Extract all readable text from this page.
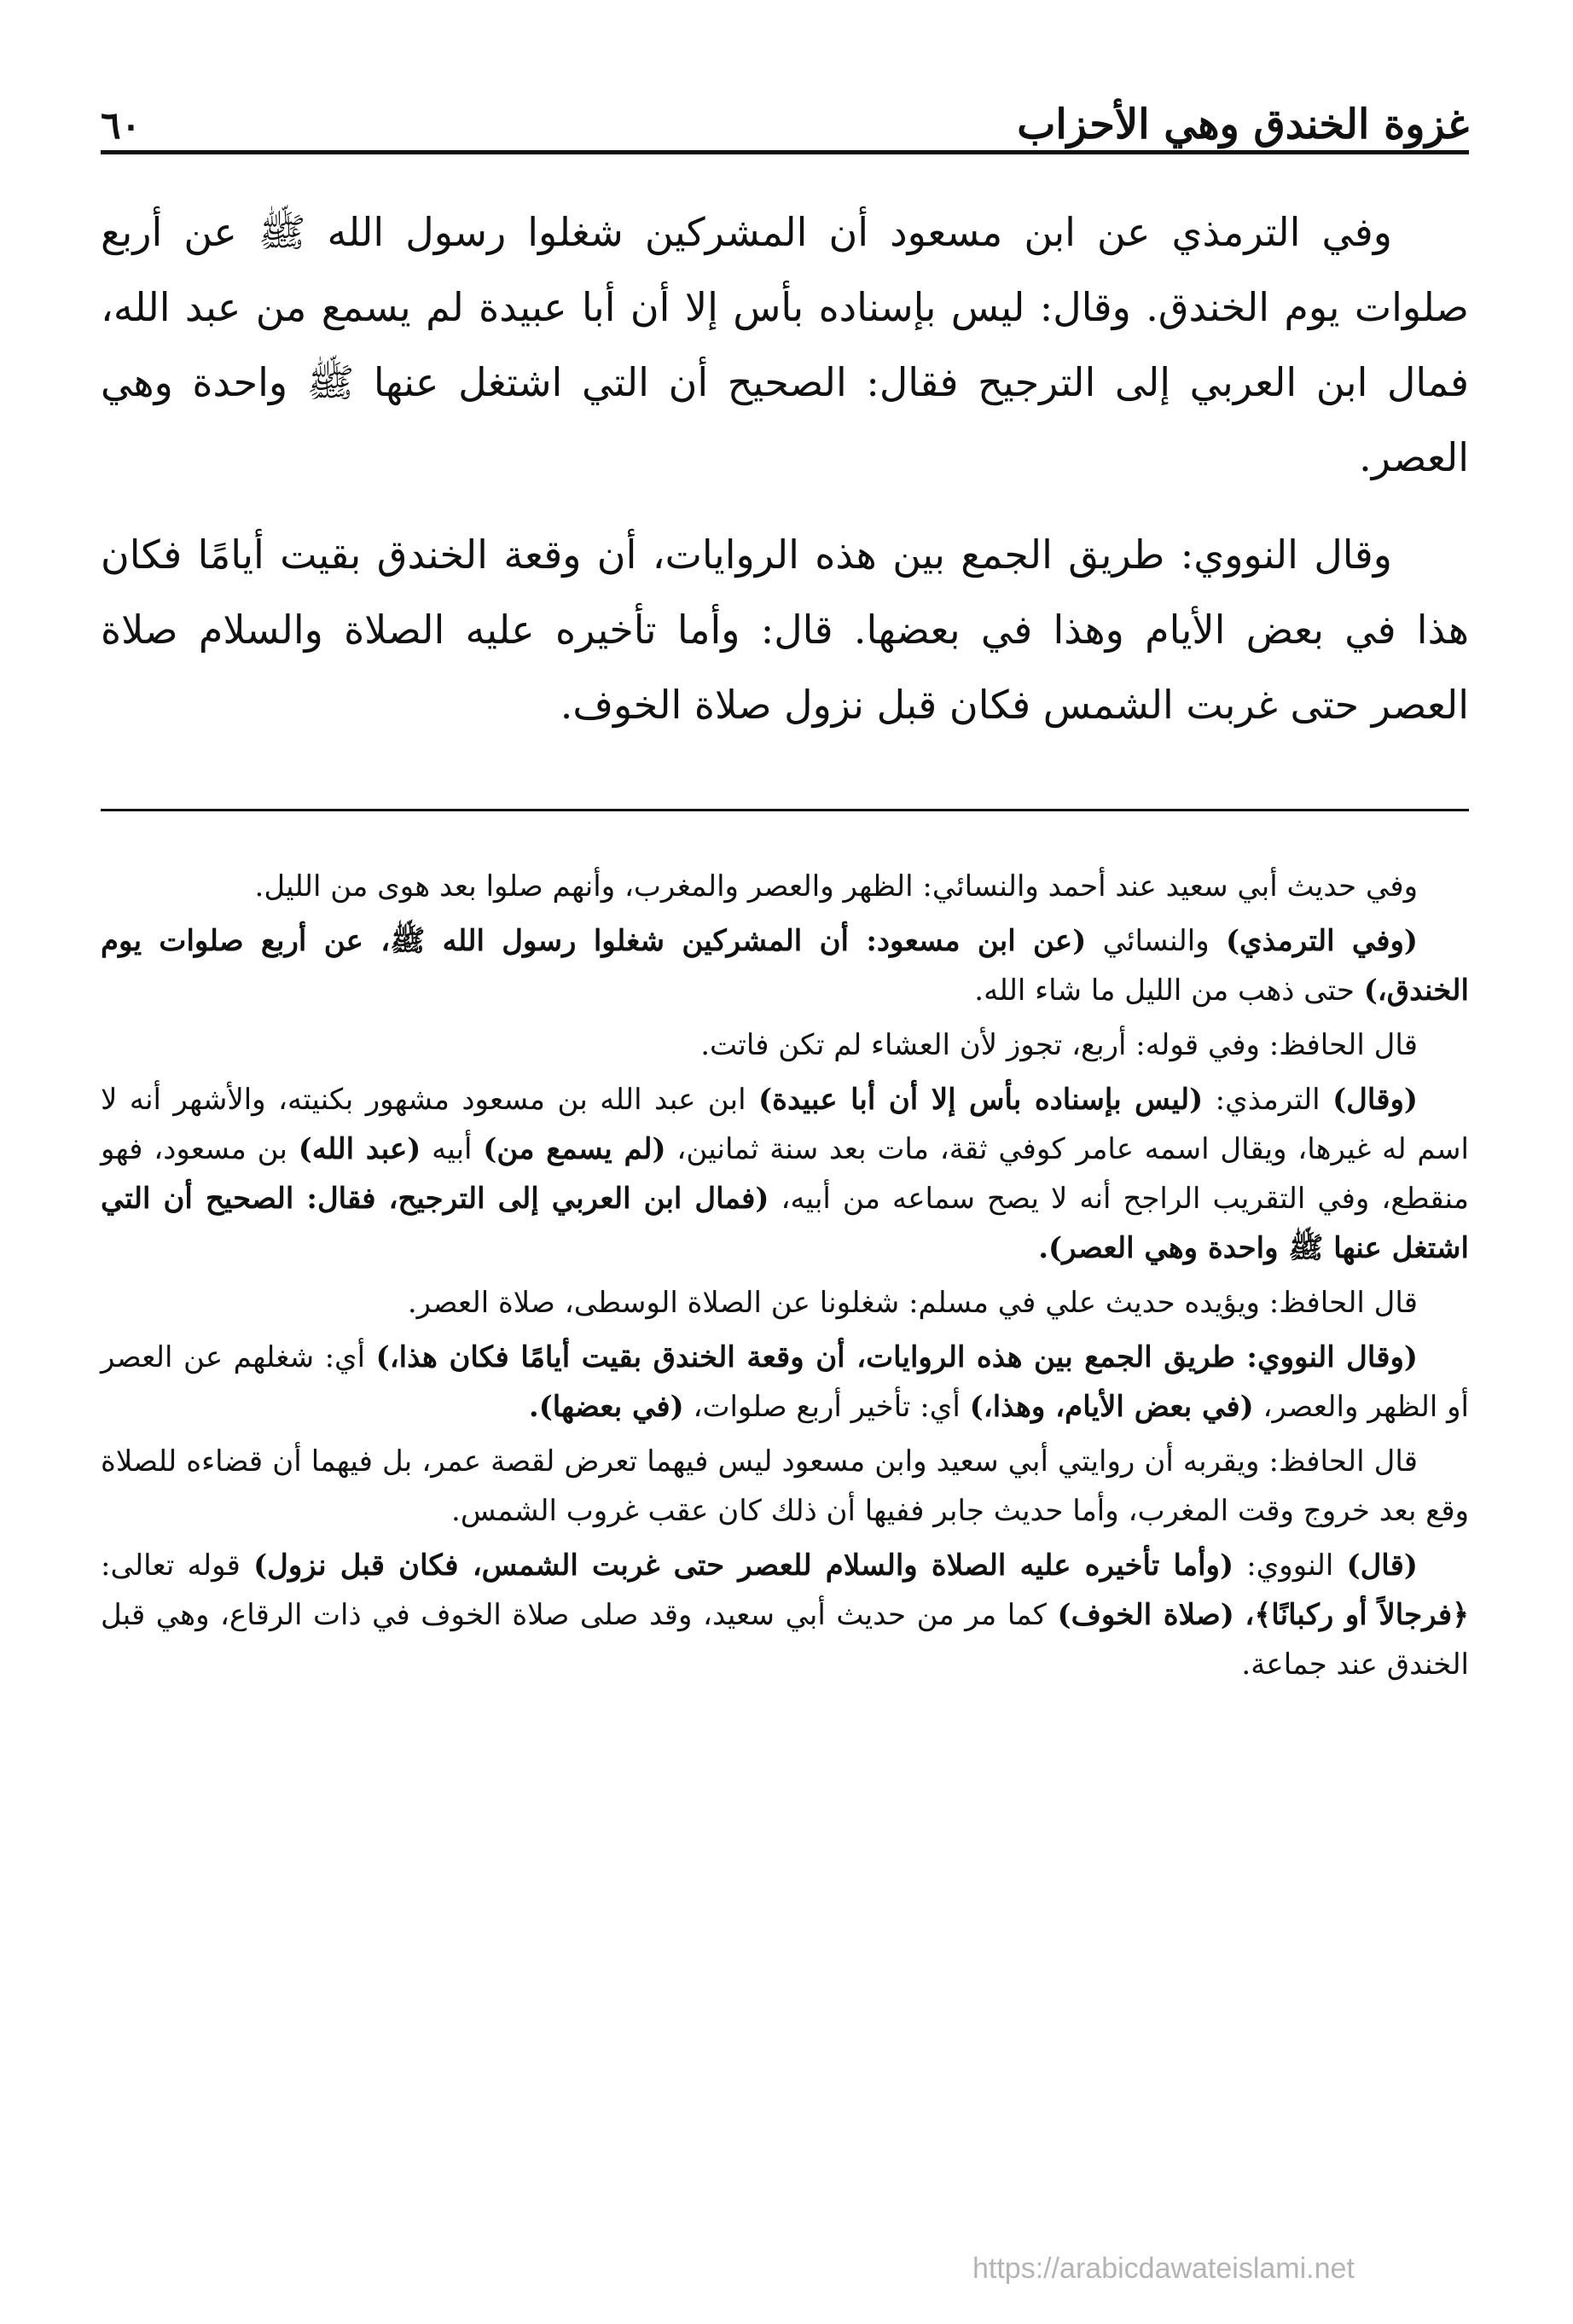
غزوة الخندق وهي الأحزاب
٦٠

وفي الترمذي عن ابن مسعود أن المشركين شغلوا رسول الله ﷺ عن أربع صلوات يوم الخندق. وقال: ليس بإسناده بأس إلا أن أبا عبيدة لم يسمع من عبد الله، فمال ابن العربي إلى الترجيح فقال: الصحيح أن التي اشتغل عنها ﷺ واحدة وهي العصر.

وقال النووي: طريق الجمع بين هذه الروايات، أن وقعة الخندق بقيت أيامًا فكان هذا في بعض الأيام وهذا في بعضها. قال: وأما تأخيره عليه الصلاة والسلام صلاة العصر حتى غربت الشمس فكان قبل نزول صلاة الخوف.

وفي حديث أبي سعيد عند أحمد والنسائي: الظهر والعصر والمغرب، وأنهم صلوا بعد هوى من الليل.

(وفي الترمذي) والنسائي (عن ابن مسعود: أن المشركين شغلوا رسول الله ﷺ، عن أربع صلوات يوم الخندق،) حتى ذهب من الليل ما شاء الله.

قال الحافظ: وفي قوله: أربع، تجوز لأن العشاء لم تكن فاتت.

(وقال) الترمذي: (ليس بإسناده بأس إلا أن أبا عبيدة) ابن عبد الله بن مسعود مشهور بكنيته، والأشهر أنه لا اسم له غيرها، ويقال اسمه عامر كوفي ثقة، مات بعد سنة ثمانين، (لم يسمع من) أبيه (عبد الله) بن مسعود، فهو منقطع، وفي التقريب الراجح أنه لا يصح سماعه من أبيه، (فمال ابن العربي إلى الترجيح، فقال: الصحيح أن التي اشتغل عنها ﷺ واحدة وهي العصر).

قال الحافظ: ويؤيده حديث علي في مسلم: شغلونا عن الصلاة الوسطى، صلاة العصر.

(وقال النووي: طريق الجمع بين هذه الروايات، أن وقعة الخندق بقيت أيامًا فكان هذا،) أي: شغلهم عن العصر أو الظهر والعصر، (في بعض الأيام، وهذا،) أي: تأخير أربع صلوات، (في بعضها).

قال الحافظ: ويقربه أن روايتي أبي سعيد وابن مسعود ليس فيهما تعرض لقصة عمر، بل فيهما أن قضاءه للصلاة وقع بعد خروج وقت المغرب، وأما حديث جابر ففيها أن ذلك كان عقب غروب الشمس.

(قال) النووي: (وأما تأخيره عليه الصلاة والسلام للعصر حتى غربت الشمس، فكان قبل نزول) قوله تعالى: ﴿فرجالاً أو ركبانًا﴾، (صلاة الخوف) كما مر من حديث أبي سعيد، وقد صلى صلاة الخوف في ذات الرقاع، وهي قبل الخندق عند جماعة.

https://arabicdawateislami.net
